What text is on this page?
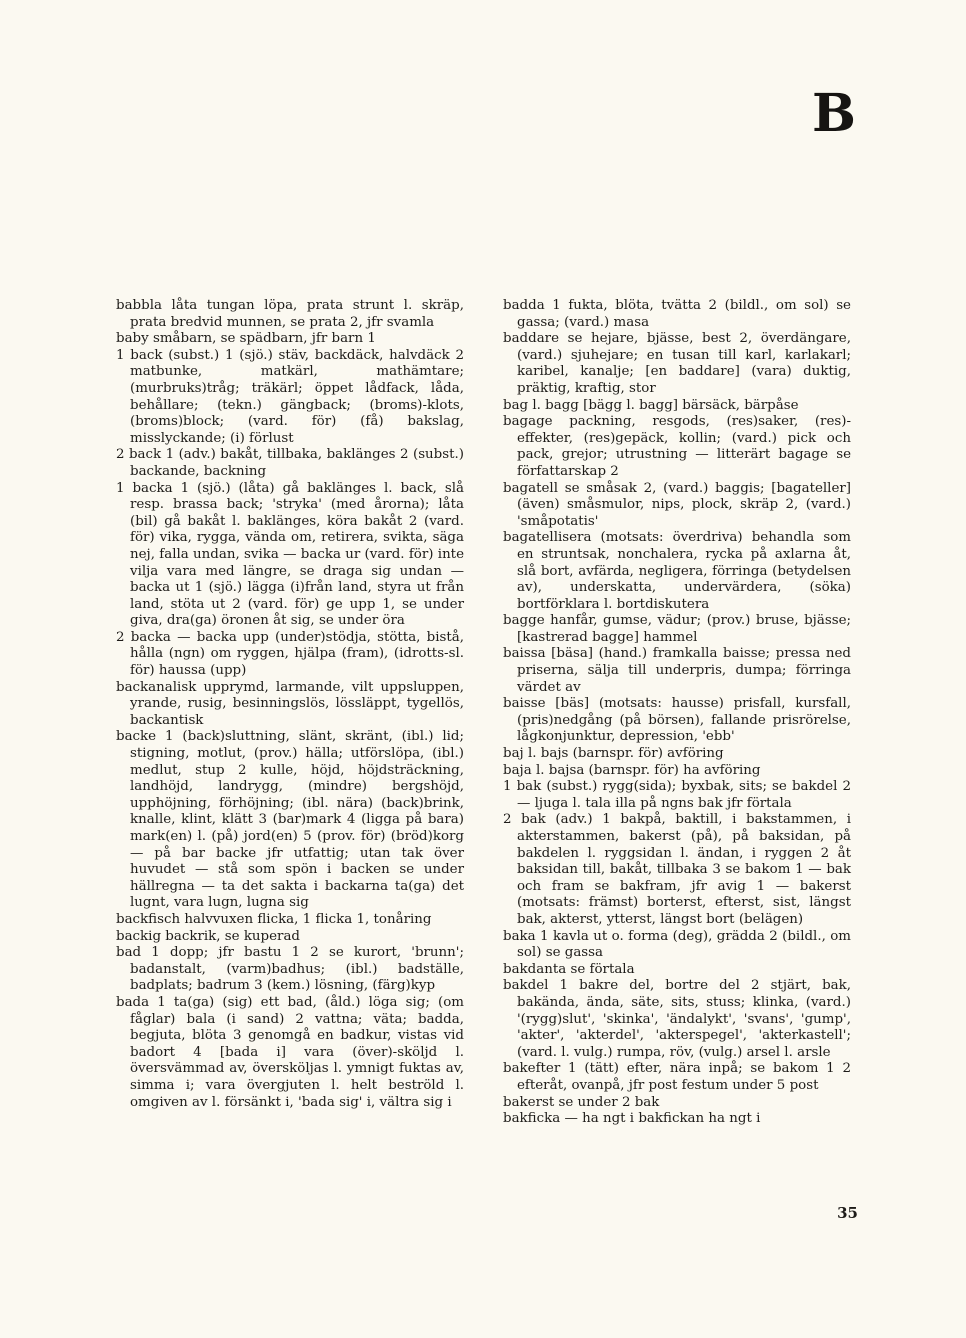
B

babbla låta tungan löpa, prata strunt l. skräp, prata bredvid munnen, se prata 2, jfr svamla

baby småbarn, se spädbarn, jfr barn 1

1 back (subst.) 1 (sjö.) stäv, backdäck, halvdäck 2 matbunke, matkärl, mathämtare; (murbruks)tråg; träkärl; öppet lådfack, låda, behållare; (tekn.) gängback; (broms)-klots, (broms)block; (vard. för) (få) bakslag, misslyckande; (i) förlust

2 back 1 (adv.) bakåt, tillbaka, baklänges 2 (subst.) backande, backning

1 backa 1 (sjö.) (låta) gå baklänges l. back, slå resp. brassa back; 'stryka' (med årorna); låta (bil) gå bakåt l. baklänges, köra bakåt 2 (vard. för) vika, rygga, vända om, retirera, svikta, säga nej, falla undan, svika — backa ur (vard. för) inte vilja vara med längre, se draga sig undan — backa ut 1 (sjö.) lägga (i)från land, styra ut från land, stöta ut 2 (vard. för) ge upp 1, se under giva, dra(ga) öronen åt sig, se under öra

2 backa — backa upp (under)stödja, stötta, bistå, hålla (ngn) om ryggen, hjälpa (fram), (idrotts-sl. för) haussa (upp)

backanalisk upprymd, larmande, vilt uppsluppen, yrande, rusig, besinningslös, lössläppt, tygellös, backantisk

backe 1 (back)sluttning, slänt, skränt, (ibl.) lid; stigning, motlut, (prov.) hälla; utförslöpa, (ibl.) medlut, stup 2 kulle, höjd, höjdsträckning, landhöjd, landrygg, (mindre) bergshöjd, upphöjning, förhöjning; (ibl. nära) (back)brink, knalle, klint, klätt 3 (bar)mark 4 (ligga på bara) mark(en) l. (på) jord(en) 5 (prov. för) (bröd)korg — på bar backe jfr utfattig; utan tak över huvudet — stå som spön i backen se under hällregna — ta det sakta i backarna ta(ga) det lugnt, vara lugn, lugna sig

backfisch halvvuxen flicka, 1 flicka 1, tonåring

backig backrik, se kuperad

bad 1 dopp; jfr bastu 1 2 se kurort, 'brunn'; badanstalt, (varm)badhus; (ibl.) badställe, badplats; badrum 3 (kem.) lösning, (färg)kyp

bada 1 ta(ga) (sig) ett bad, (åld.) löga sig; (om fåglar) bala (i sand) 2 vattna; väta; badda, begjuta, blöta 3 genomgå en badkur, vistas vid badort 4 [bada i] vara (över)-sköljd l. översvämmad av, översköljas l. ymnigt fuktas av, simma i; vara övergjuten l. helt beströld l. omgiven av l. försänkt i, 'bada sig' i, vältra sig i

badda 1 fukta, blöta, tvätta 2 (bildl., om sol) se gassa; (vard.) masa

baddare se hejare, bjässe, best 2, överdängare, (vard.) sjuhejare; en tusan till karl, karlakarl; karibel, kanalje; [en baddare] (vara) duktig, präktig, kraftig, stor

bag l. bagg [bägg l. bagg] bärsäck, bärpåse

bagage packning, resgods, (res)saker, (res)-effekter, (res)gepäck, kollin; (vard.) pick och pack, grejor; utrustning — litterärt bagage se författarskap 2

bagatell se småsak 2, (vard.) baggis; [bagateller] (även) småsmulor, nips, plock, skräp 2, (vard.) 'småpotatis'

bagatellisera (motsats: överdriva) behandla som en struntsak, nonchalera, rycka på axlarna åt, slå bort, avfärda, negligera, förringa (betydelsen av), underskatta, undervärdera, (söka) bortförklara l. bortdiskutera

bagge hanfår, gumse, vädur; (prov.) bruse, bjässe; [kastrerad bagge] hammel

baissa [bäsa] (hand.) framkalla baisse; pressa ned priserna, sälja till underpris, dumpa; förringa värdet av

baisse [bäs] (motsats: hausse) prisfall, kursfall, (pris)nedgång (på börsen), fallande prisrörelse, lågkonjunktur, depression, 'ebb'

baj l. bajs (barnspr. för) avföring

baja l. bajsa (barnspr. för) ha avföring

1 bak (subst.) rygg(sida); byxbak, sits; se bakdel 2 — ljuga l. tala illa på ngns bak jfr förtala

2 bak (adv.) 1 bakpå, baktill, i bakstammen, i akterstammen, bakerst (på), på baksidan, på bakdelen l. ryggsidan l. ändan, i ryggen 2 åt baksidan till, bakåt, tillbaka 3 se bakom 1 — bak och fram se bakfram, jfr avig 1 — bakerst (motsats: främst) borterst, efterst, sist, längst bak, akterst, ytterst, längst bort (belägen)

baka 1 kavla ut o. forma (deg), grädda 2 (bildl., om sol) se gassa

bakdanta se förtala

bakdel 1 bakre del, bortre del 2 stjärt, bak, bakända, ända, säte, sits, stuss; klinka, (vard.) '(rygg)slut', 'skinka', 'ändalykt', 'svans', 'gump', 'akter', 'akterdel', 'akterspegel', 'akterkastell'; (vard. l. vulg.) rumpa, röv, (vulg.) arsel l. arsle

bakefter 1 (tätt) efter, nära inpå; se bakom 1 2 efteråt, ovanpå, jfr post festum under 5 post

bakerst se under 2 bak

bakficka — ha ngt i bakfickan ha ngt i

35
